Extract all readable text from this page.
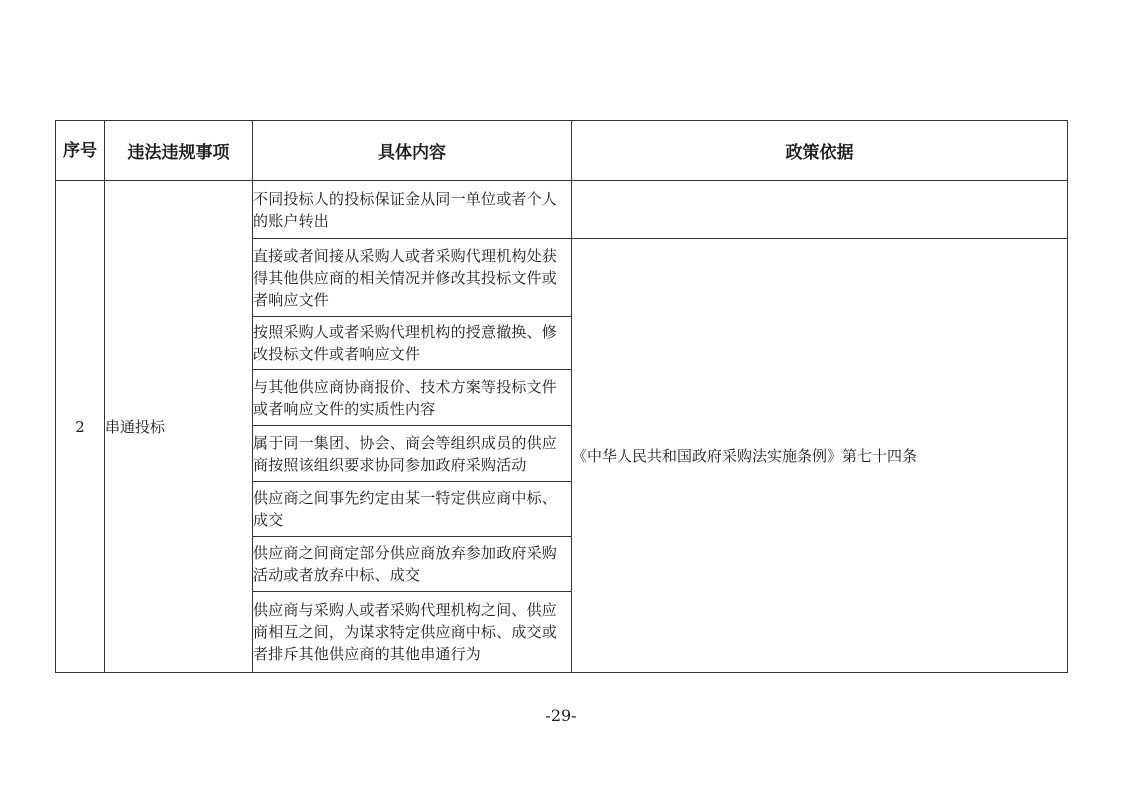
序号	违法违规事项	具体内容	政策依据
2	串通投标	不同投标人的投标保证金从同一单位或者个人的账户转出	
		直接或者间接从采购人或者采购代理机构处获得其他供应商的相关情况并修改其投标文件或者响应文件	《中华人民共和国政府采购法实施条例》第七十四条
		按照采购人或者采购代理机构的授意撤换、修改投标文件或者响应文件	
		与其他供应商协商报价、技术方案等投标文件或者响应文件的实质性内容	
		属于同一集团、协会、商会等组织成员的供应商按照该组织要求协同参加政府采购活动	
		供应商之间事先约定由某一特定供应商中标、成交	
		供应商之间商定部分供应商放弃参加政府采购活动或者放弃中标、成交	
		供应商与采购人或者采购代理机构之间、供应商相互之间，为谋求特定供应商中标、成交或者排斥其他供应商的其他串通行为	
-29-
